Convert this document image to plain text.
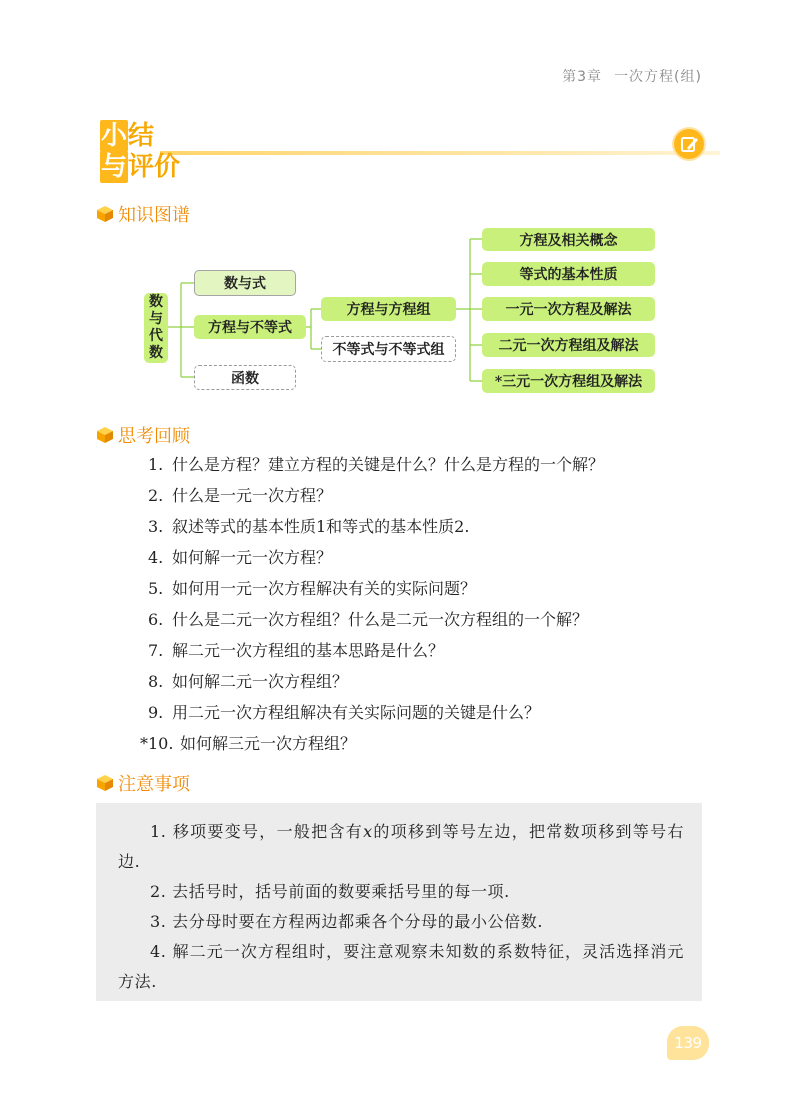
第3章 一次方程(组)
小 结
与 评 价
知识图谱
数
与
代
数
数与式
方程与不等式
函数
方程与方程组
不等式与不等式组
方程及相关概念
等式的基本性质
一元一次方程及解法
二元一次方程组及解法
*三元一次方程组及解法
思考回顾
1. 什么是方程？建立方程的关键是什么？什么是方程的一个解？
2. 什么是一元一次方程？
3. 叙述等式的基本性质1和等式的基本性质2.
4. 如何解一元一次方程？
5. 如何用一元一次方程解决有关的实际问题？
6. 什么是二元一次方程组？什么是二元一次方程组的一个解？
7. 解二元一次方程组的基本思路是什么？
8. 如何解二元一次方程组？
9. 用二元一次方程组解决有关实际问题的关键是什么？
*10. 如何解三元一次方程组？
注意事项

1. 移项要变号，一般把含有x的项移到等号左边，把常数项移到等号右边.

2. 去括号时，括号前面的数要乘括号里的每一项.

3. 去分母时要在方程两边都乘各个分母的最小公倍数.

4. 解二元一次方程组时，要注意观察未知数的系数特征，灵活选择消元方法.

139
